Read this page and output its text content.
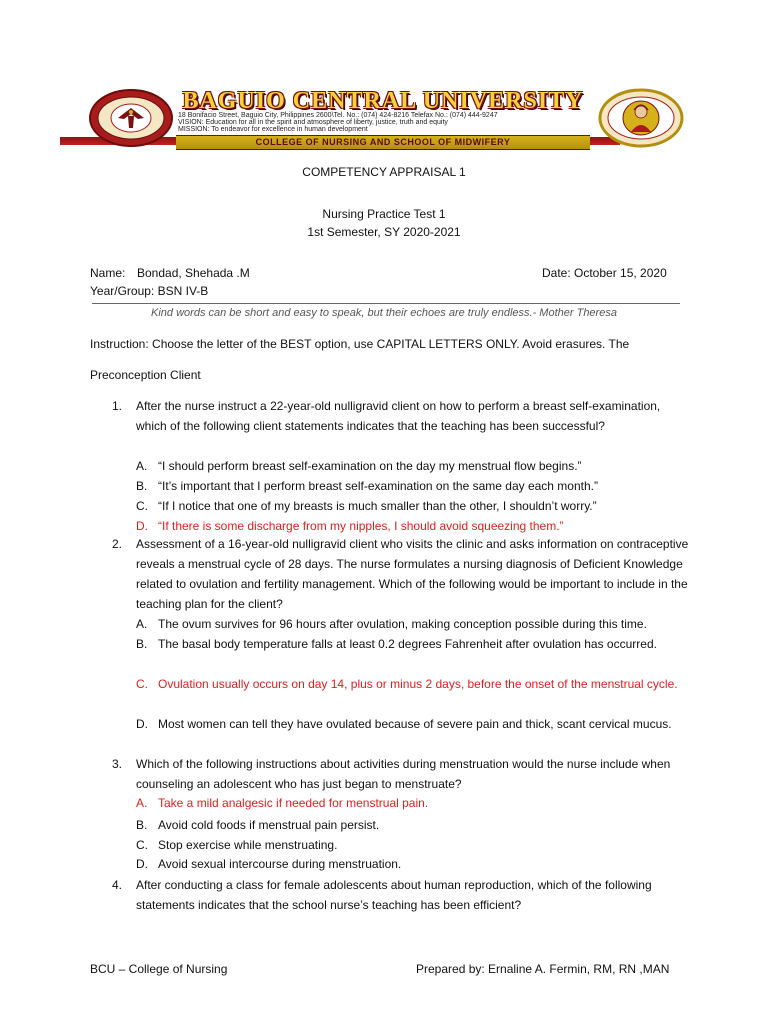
BAGUIO CENTRAL UNIVERSITY
18 Bonifacio Street, Baguio City, Philippines 2600\Tel. No.: (074) 424-8216 Telefax No.: (074) 444-9247
VISION: Education for all in the spirit and atmosphere of liberty, justice, truth and equity
MISSION: To endeavor for excellence in human development
COLLEGE OF NURSING AND SCHOOL OF MIDWIFERY
COMPETENCY APPRAISAL 1
Nursing Practice Test 1
1st Semester, SY 2020-2021
Name: Bondad, Shehada .M	Date: October 15, 2020
Year/Group: BSN IV-B
Kind words can be short and easy to speak, but their echoes are truly endless.- Mother Theresa
Instruction: Choose the letter of the BEST option, use CAPITAL LETTERS ONLY. Avoid erasures. The
Preconception Client
1. After the nurse instruct a 22-year-old nulligravid client on how to perform a breast self-examination, which of the following client statements indicates that the teaching has been successful?
A. “I should perform breast self-examination on the day my menstrual flow begins.”
B. “It’s important that I perform breast self-examination on the same day each month.”
C. “If I notice that one of my breasts is much smaller than the other, I shouldn’t worry.”
D. “If there is some discharge from my nipples, I should avoid squeezing them.”
2. Assessment of a 16-year-old nulligravid client who visits the clinic and asks information on contraceptive reveals a menstrual cycle of 28 days. The nurse formulates a nursing diagnosis of Deficient Knowledge related to ovulation and fertility management. Which of the following would be important to include in the teaching plan for the client?
A. The ovum survives for 96 hours after ovulation, making conception possible during this time.
B. The basal body temperature falls at least 0.2 degrees Fahrenheit after ovulation has occurred.
C. Ovulation usually occurs on day 14, plus or minus 2 days, before the onset of the menstrual cycle.
D. Most women can tell they have ovulated because of severe pain and thick, scant cervical mucus.
3. Which of the following instructions about activities during menstruation would the nurse include when counseling an adolescent who has just began to menstruate?
A. Take a mild analgesic if needed for menstrual pain.
B. Avoid cold foods if menstrual pain persist.
C. Stop exercise while menstruating.
D. Avoid sexual intercourse during menstruation.
4. After conducting a class for female adolescents about human reproduction, which of the following statements indicates that the school nurse’s teaching has been efficient?
BCU – College of Nursing	Prepared by: Ernaline A. Fermin, RM, RN ,MAN
